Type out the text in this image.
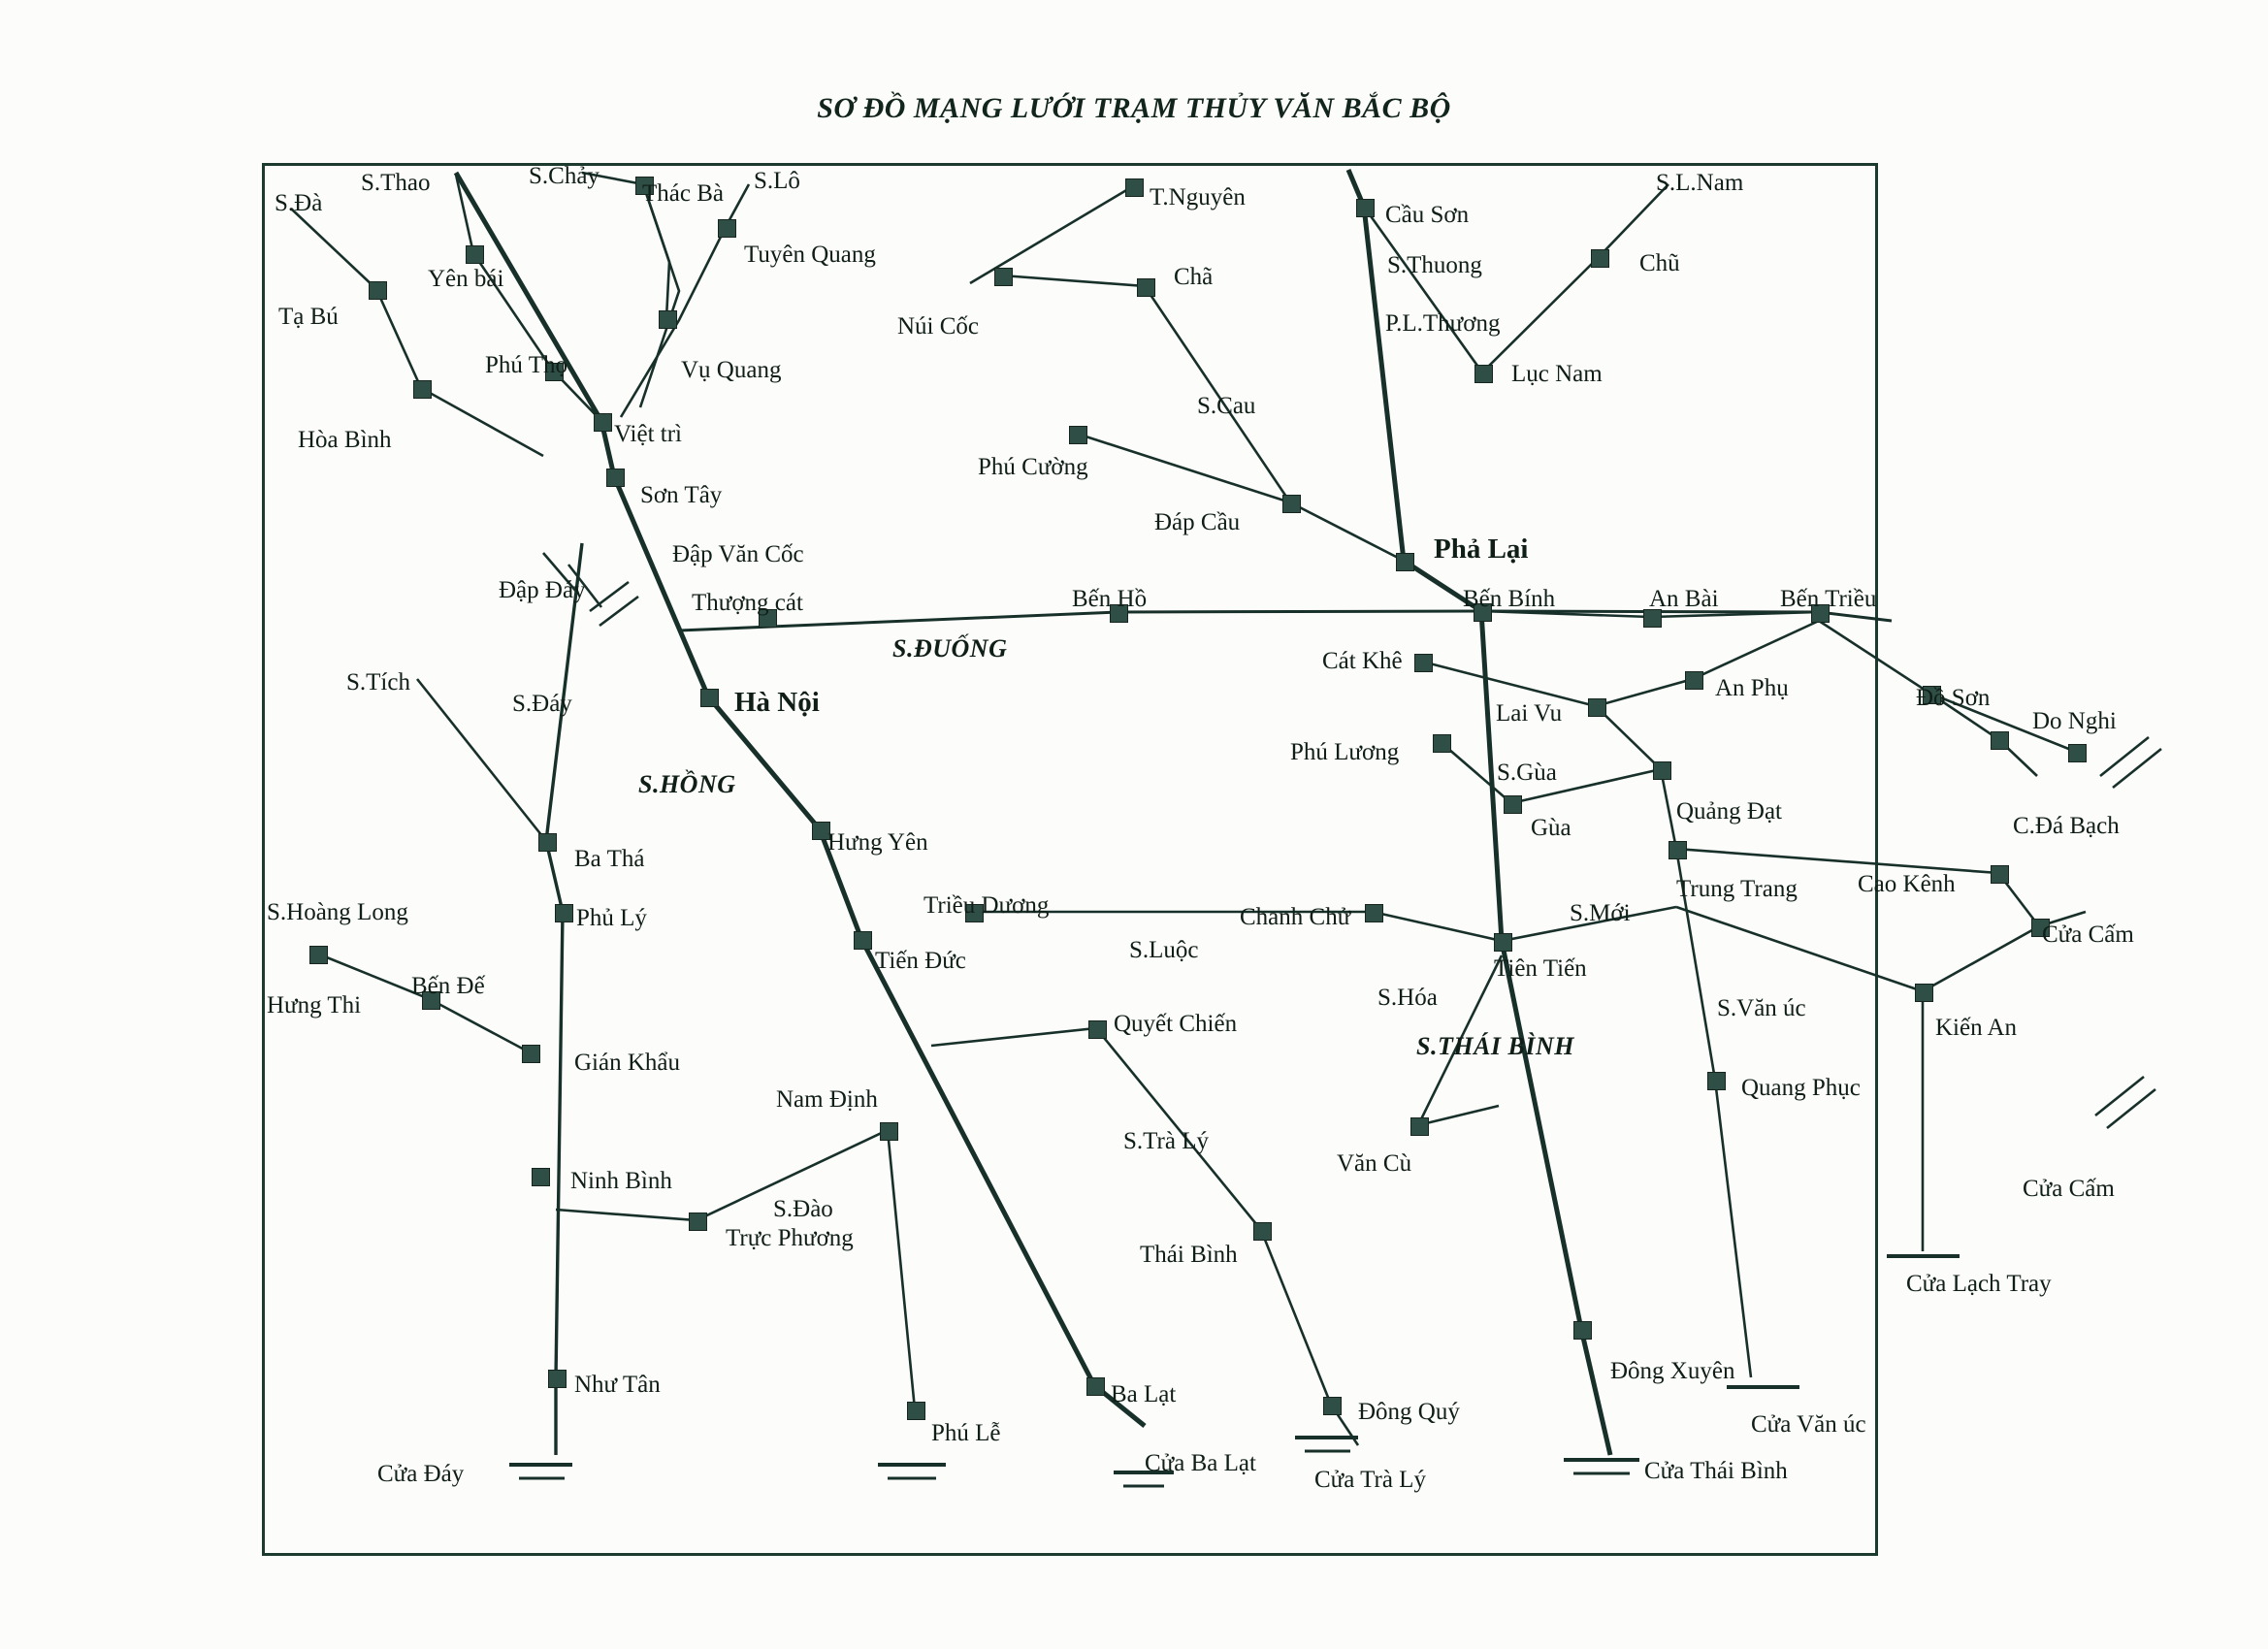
SƠ ĐỒ MẠNG LƯỚI TRẠM THỦY VĂN BẮC BỘ
Tạ Bú
Hòa Bình
Yên bái
Phú Thọ
Việt trì
Thác Bà
Tuyên Quang
Vụ Quang
Sơn Tây
Đập Văn Cốc
Đập Đáy	Thượng cát
Hà Nội
Ba Thá
Phủ Lý
Hưng Thi
Bến Đế
Gián Khẩu
Ninh Bình
Như Tân
Cửa Đáy
Trực Phương
Nam Định
Hưng Yên
Tiến Đức
Triều Dương
Phú Lễ
Ba Lạt
Cửa Ba Lạt
Quyết Chiến
Thái Bình
Đông Quý
Cửa Trà Lý
Núi Cốc
Phú Cường
T.Nguyên
Chã
Đáp Cầu
Bến Hồ
Cầu Sơn
P.L.Thương
Chũ
Lục Nam
Phả Lại
Bến Bính	An Bài	Bến Triều
Cát Khê
Phú Lương
Lai Vu
An Phụ	Đồ Sơn
Do Nghi
Quảng Đạt
Gùa	C.Đá Bạch
Trung Trang Cao Kênh
Cửa Cấm
Chanh Chử
Tiên Tiến
Kiến An
Cửa Cấm
Quang Phục
Văn Cù
Đông Xuyên
Cửa Văn úc
Cửa Lạch Tray
Cửa Thái Bình
S.Đà
S.Thao	S.Chảy	S.Lô
S.Cau
S.L.Nam
S.Thuong
S.Đáy
S.Tích
S.Hoàng Long
S.Đào
S.Trà Lý
S.Luộc
S.Hóa
S.Gùa
S.Mới
S.Văn úc
S.ĐUỐNG
S.HỒNG
S.THÁI BÌNH
